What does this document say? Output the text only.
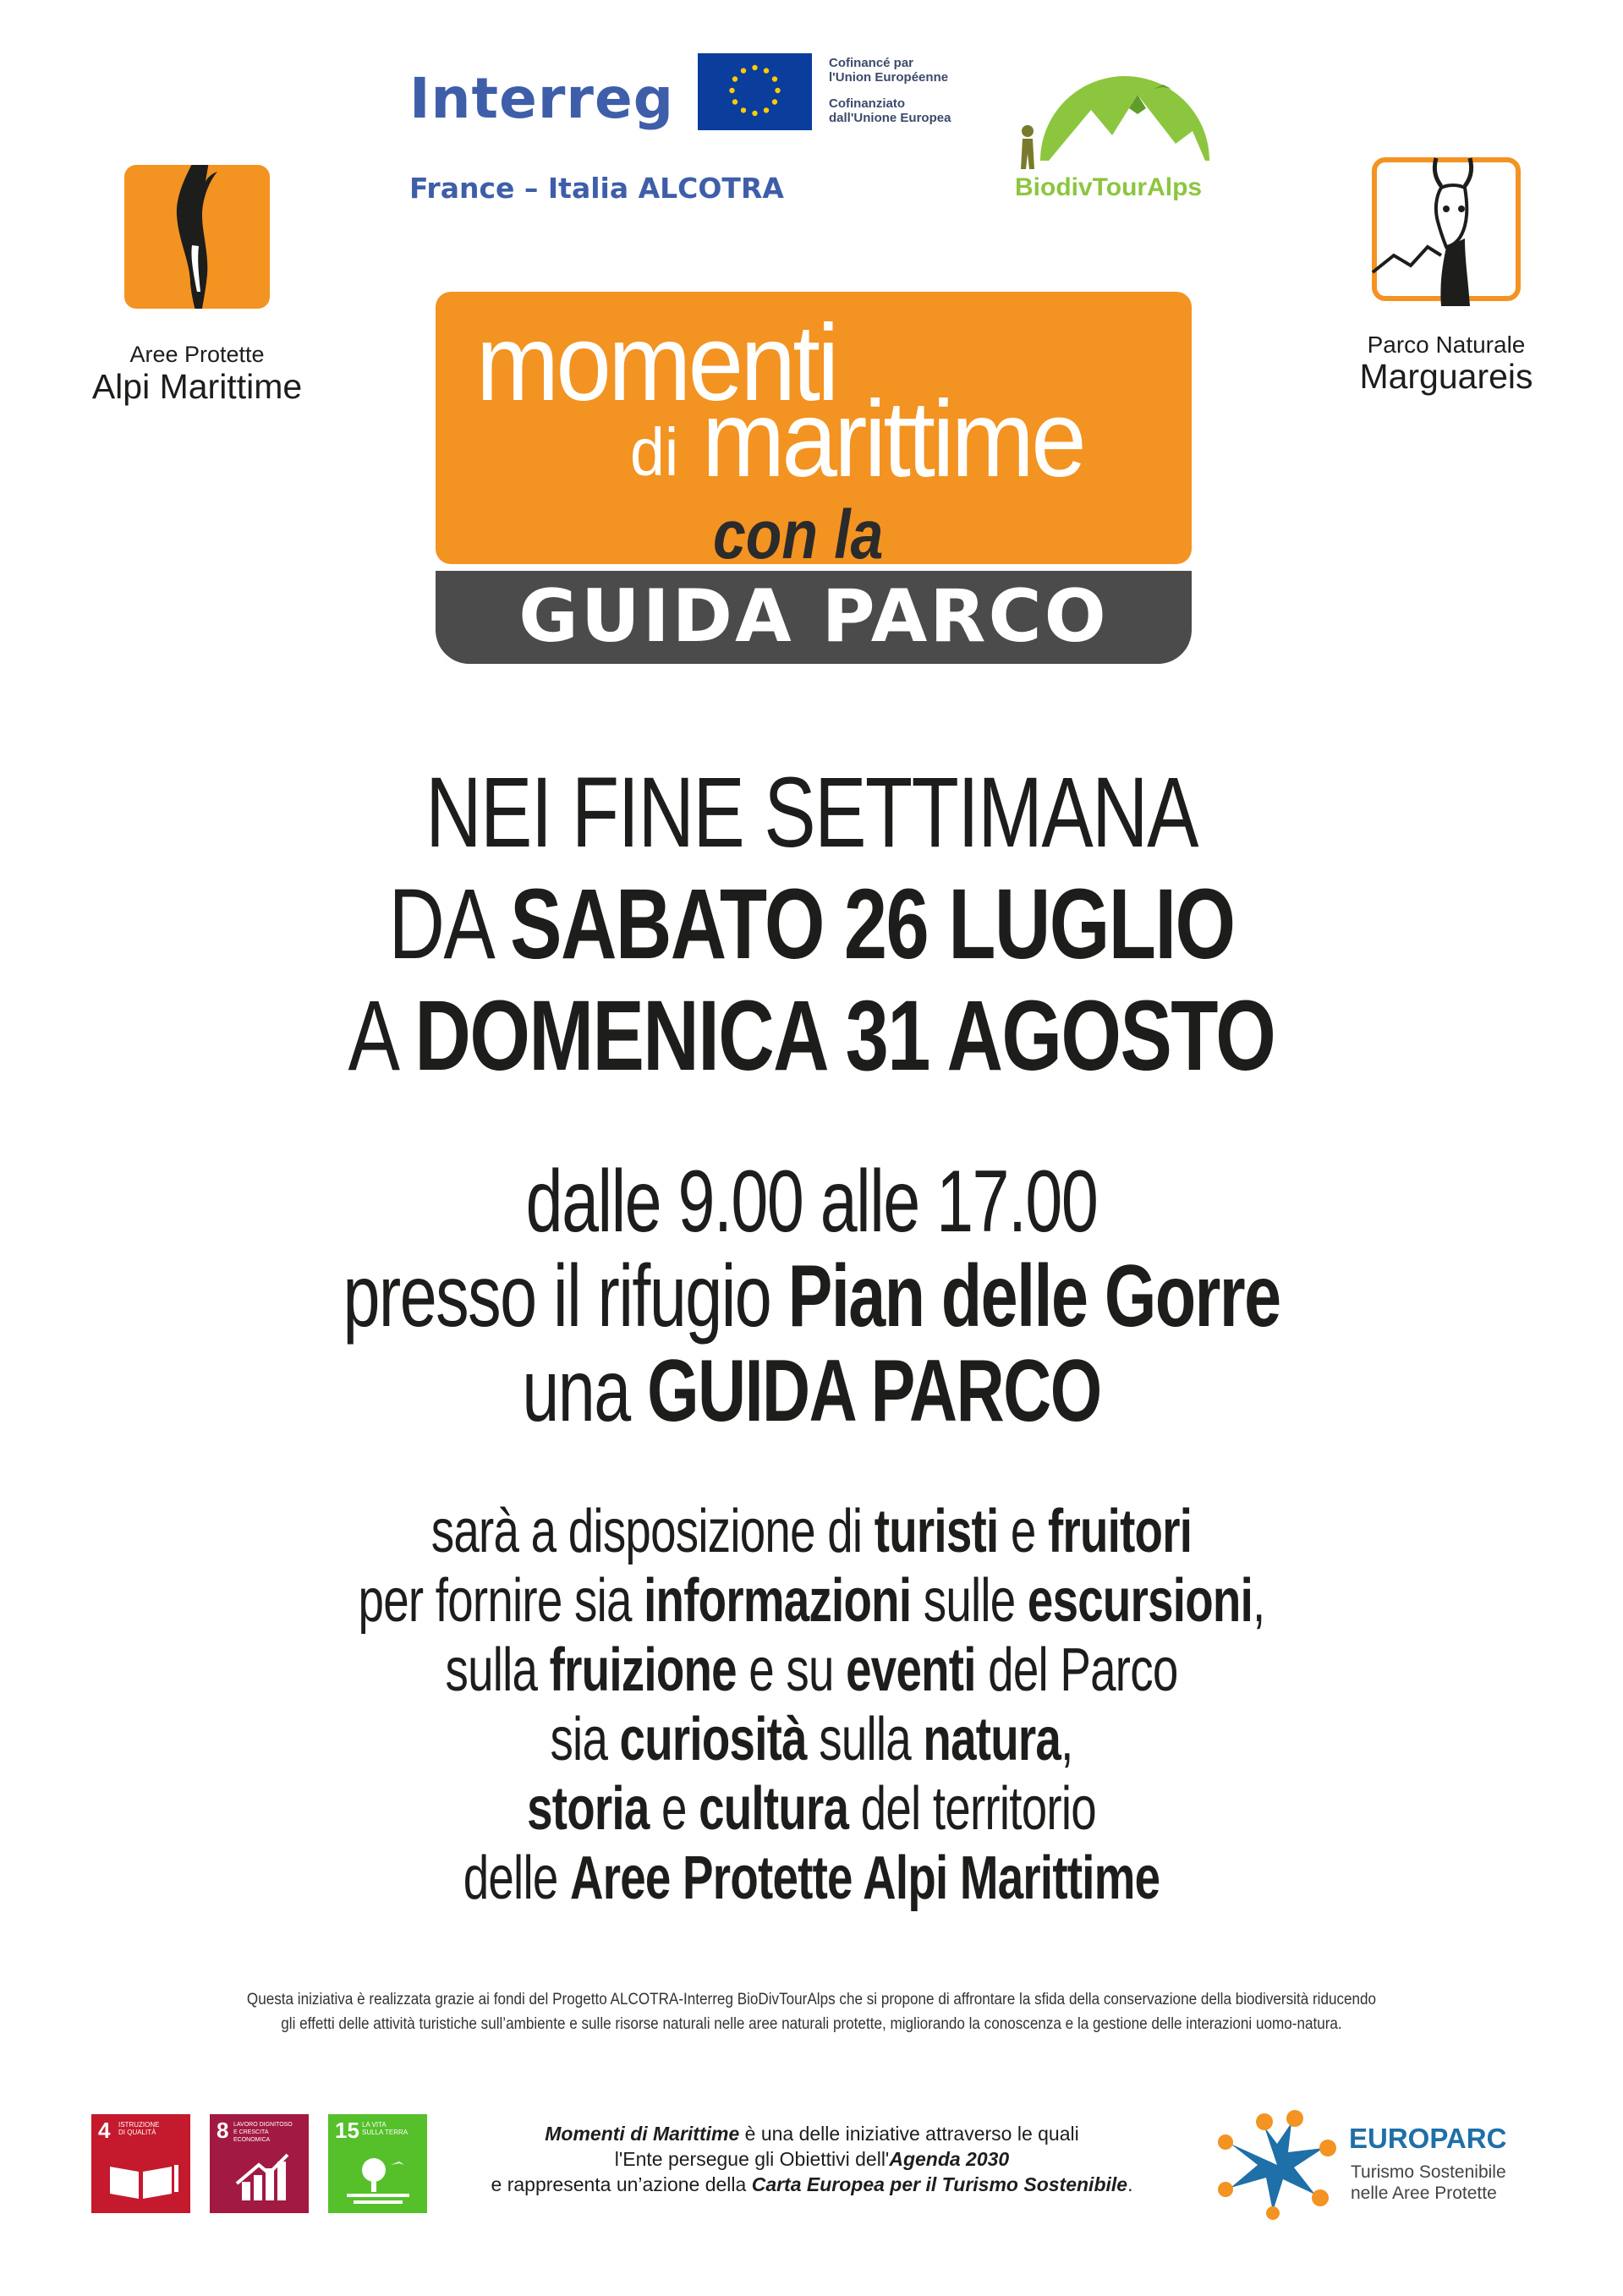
Aree Protette
Alpi Marittime
Interreg
Cofinancé par
l'Union Européenne
Cofinanziato
dall'Unione Europea
France – Italia ALCOTRA	BiodivTourAlps
Parco Naturale
Marguareis
momenti
di marittime
con la
GUIDA PARCO
NEI FINE SETTIMANA
DA SABATO 26 LUGLIO
A DOMENICA 31 AGOSTO
dalle 9.00 alle 17.00
presso il rifugio Pian delle Gorre
una GUIDA PARCO
sarà a disposizione di turisti e fruitori
per fornire sia informazioni sulle escursioni,
sulla fruizione e su eventi del Parco
sia curiosità sulla natura,
storia e cultura del territorio
delle Aree Protette Alpi Marittime
Questa iniziativa è realizzata grazie ai fondi del Progetto ALCOTRA-Interreg BioDivTourAlps che si propone di affrontare la sfida della conservazione della biodiversità riducendo
gli effetti delle attività turistiche sull’ambiente e sulle risorse naturali nelle aree naturali protette, migliorando la conoscenza e la gestione delle interazioni uomo-natura.
4 ISTRUZIONE
DI QUALITÀ	8 LAVORO DIGNITOSO
E CRESCITA
ECONOMICA	15 LA VITA
SULLA TERRA	Momenti di Marittime è una delle iniziative attraverso le quali
l'Ente persegue gli Obiettivi dell'Agenda 2030
e rappresenta un’azione della Carta Europea per il Turismo Sostenibile.
EUROPARC
Turismo Sostenibile
nelle Aree Protette
